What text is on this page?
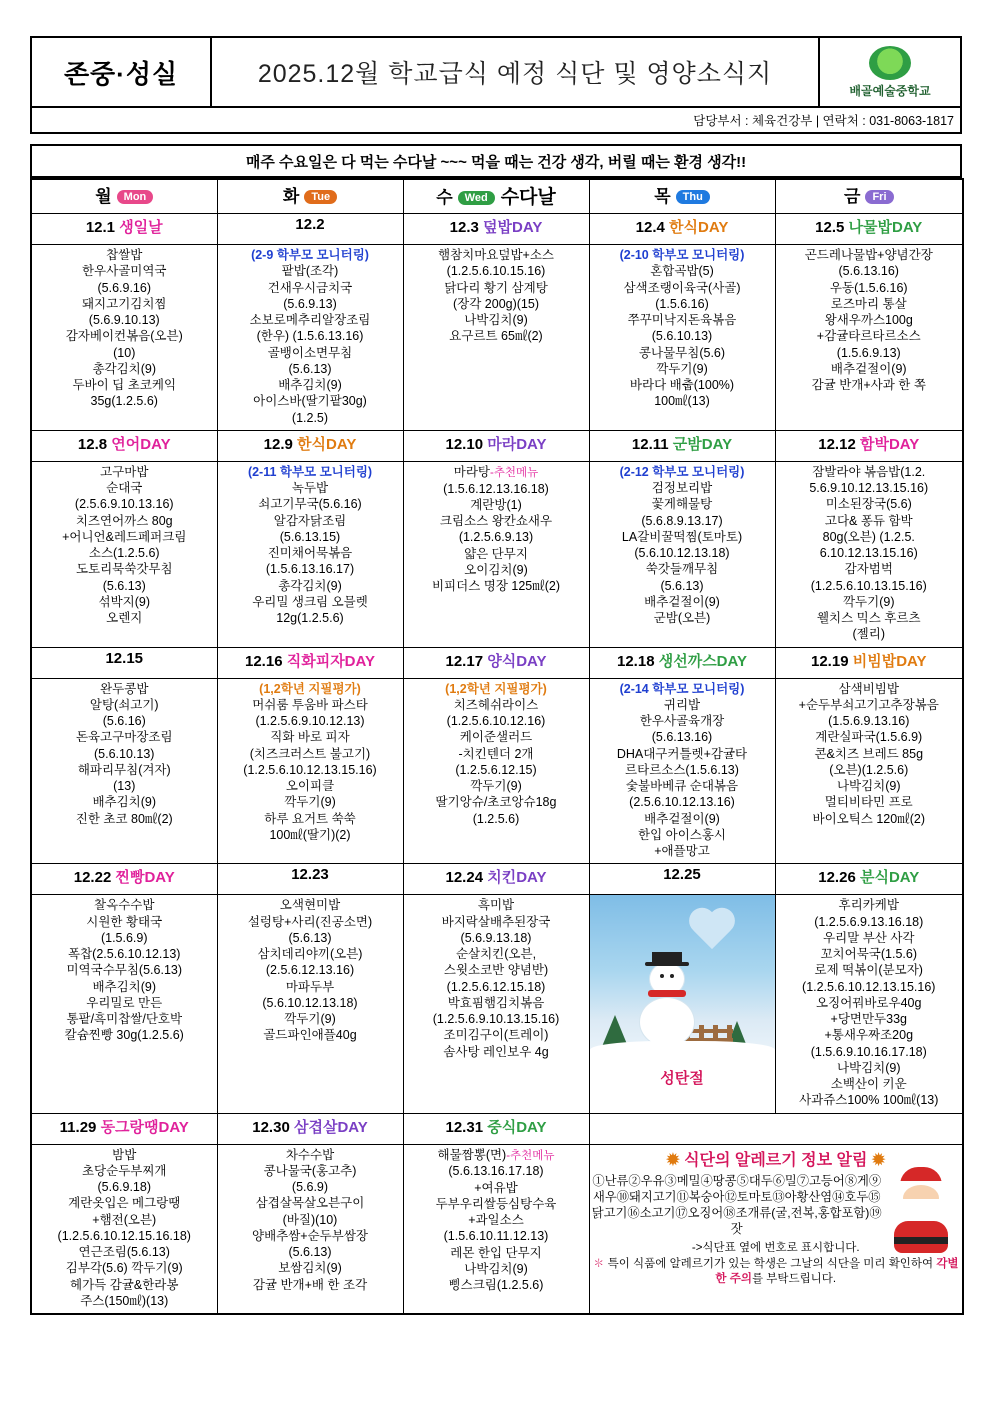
존중·성실	2025.12월 학교급식 예정 식단 및 영양소식지
배골예술중학교
담당부서 : 체육건강부 | 연락처 : 031-8063-1817
매주 수요일은 다 먹는 수다날 ~~~ 먹을 때는 건강 생각, 버릴 때는 환경 생각!!
월 Mon	화 Tue	수 Wed 수다날	목 Thu	금 Fri
12.1 생일날	12.2	12.3 덮밥DAY	12.4 한식DAY	12.5 나물밥DAY

찹쌀밥
한우사골미역국
(5.6.9.16)
돼지고기김치찜
(5.6.9.10.13)
감자베이컨볶음(오븐)
(10)
총각김치(9)
두바이 딥 초코케익
35g(1.2.5.6)

(2-9 학부모 모니터링)
팥밥(조각)
건새우시금치국
(5.6.9.13)
소보로메추리알장조림
(한우) (1.5.6.13.16)
골뱅이소면무침
(5.6.13)
배추김치(9)
아이스바(딸기팥30g)
(1.2.5)

햄참치마요덮밥+소스
(1.2.5.6.10.15.16)
닭다리 황기 삼계탕
(장각 200g)(15)
나박김치(9)
요구르트 65㎖(2)

(2-10 학부모 모니터링)
혼합곡밥(5)
삼색조랭이육국(사골)
(1.5.6.16)
쭈꾸미낙지돈육볶음
(5.6.10.13)
콩나물무침(5.6)
깍두기(9)
바라다 배춥(100%)
100㎖(13)

곤드레나물밥+양념간장
(5.6.13.16)
우동(1.5.6.16)
로즈마리 통살
왕새우까스100g
+감귤타르타르소스
(1.5.6.9.13)
배추겉절이(9)
감귤 반개+사과 한 쪽

12.8 연어DAY	12.9 한식DAY	12.10 마라DAY	12.11 군밤DAY	12.12 함박DAY

고구마밥
순대국
(2.5.6.9.10.13.16)
치즈연어까스 80g
+어니언&레드페퍼크림
소스(1.2.5.6)
도토리묵쑥갓무침
(5.6.13)
섞박지(9)
오렌지

(2-11 학부모 모니터링)
녹두밥
쇠고기무국(5.6.16)
알감자닭조림
(5.6.13.15)
진미채어묵볶음
(1.5.6.13.16.17)
총각김치(9)
우리밀 생크림 오믈렛
12g(1.2.5.6)

마라탕-추천메뉴
(1.5.6.12.13.16.18)
계란방(1)
크림소스 왕칸쇼새우
(1.2.5.6.9.13)
얇은 단무지
오이김치(9)
비피더스 명장 125㎖(2)

(2-12 학부모 모니터링)
검정보리밥
꽃게해물탕
(5.6.8.9.13.17)
LA갈비꿀떡찜(토마토)
(5.6.10.12.13.18)
쑥갓들깨무침
(5.6.13)
배추겉절이(9)
군밤(오븐)

잠발라야 볶음밥(1.2.
5.6.9.10.12.13.15.16)
미소된장국(5.6)
고다& 퐁듀 함박
80g(오븐) (1.2.5.
6.10.12.13.15.16)
감자범벅
(1.2.5.6.10.13.15.16)
깍두기(9)
웰치스 믹스 후르츠
(젤리)

12.15	12.16 직화피자DAY	12.17 양식DAY	12.18 생선까스DAY	12.19 비빔밥DAY

완두콩밥
알탕(쇠고기)
(5.6.16)
돈육고구마장조림
(5.6.10.13)
해파리무침(겨자)
(13)
배추김치(9)
진한 초코 80㎖(2)

(1,2학년 지필평가)
머쉬룸 투움바 파스타
(1.2.5.6.9.10.12.13)
직화 바로 피자
(치즈크러스트 불고기)
(1.2.5.6.10.12.13.15.16)
오이피클
깍두기(9)
하루 요거트 쑥쑥
100㎖(딸기)(2)

(1,2학년 지필평가)
치즈헤쉬라이스
(1.2.5.6.10.12.16)
케이준샐러드
-치킨텐더 2개
(1.2.5.6.12.15)
깍두기(9)
딸기앙슈/초코앙슈18g
(1.2.5.6)

(2-14 학부모 모니터링)
귀리밥
한우사골육개장
(5.6.13.16)
DHA대구커틀렛+감귤타
르타르소스(1.5.6.13)
숯불바베큐 순대볶음
(2.5.6.10.12.13.16)
배추겉절이(9)
한입 아이스홍시
+애플망고

삼색비빔밥
+순두부쇠고기고추장볶음
(1.5.6.9.13.16)
계란실파국(1.5.6.9)
콘&치즈 브레드 85g
(오븐)(1.2.5.6)
나박김치(9)
멀티비타민 프로
바이오틱스 120㎖(2)

12.22 찐빵DAY	12.23	12.24 치킨DAY	12.25	12.26 분식DAY

찰옥수수밥
시원한 황태국
(1.5.6.9)
폭찹(2.5.6.10.12.13)
미역국수무침(5.6.13)
배추김치(9)
우리밀로 만든
통팥/흑미찹쌀/단호박
칼슘찐빵 30g(1.2.5.6)

오색현미밥
설렁탕+사리(진공소면)
(5.6.13)
삼치데리야끼(오븐)
(2.5.6.12.13.16)
마파두부
(5.6.10.12.13.18)
깍두기(9)
골드파인애플40g

흑미밥
바지락살배추된장국
(5.6.9.13.18)
순살치킨(오븐,
스윗소코반 양념반)
(1.2.5.6.12.15.18)
박효핌햄김치볶음
(1.2.5.6.9.10.13.15.16)
조미김구이(트레이)
솜사탕 레인보우 4g

성탄절

후리카케밥
(1.2.5.6.9.13.16.18)
우리말 부산 사각
꼬치어묵국(1.5.6)
로제 떡볶이(분모자)
(1.2.5.6.10.12.13.15.16)
오징어꿔바로우40g
+당면만두33g
+통새우짜조20g
(1.5.6.9.10.16.17.18)
나박김치(9)
소백산이 키운
사과쥬스100% 100㎖(13)

11.29 동그랑땡DAY	12.30 삼겹살DAY	12.31 중식DAY		

밤밥
초당순두부찌개
(5.6.9.18)
계란옷입은 메그랑땡
+햄전(오븐)
(1.2.5.6.10.12.15.16.18)
연근조림(5.6.13)
김부각(5.6) 깍두기(9)
헤가득 감귤&한라봉
주스(150㎖)(13)

차수수밥
콩나물국(홍고추)
(5.6.9)
삼겹살목살오븐구이
(바질)(10)
양배추쌈+순두부쌈장
(5.6.13)
보쌈김치(9)
감귤 반개+배 한 조각

해물짬뽕(면)-추천메뉴
(5.6.13.16.17.18)
+여유밥
두부우리쌀등심탕수육
+과일소스
(1.5.6.10.11.12.13)
레몬 한입 단무지
나박김치(9)
삥스크림(1.2.5.6)

✹ 식단의 알레르기 정보 알림 ✹
①난류②우유③메밀④땅콩⑤대두⑥밀⑦고등어⑧게⑨새우⑩돼지고기⑪복숭아⑫토마토⑬아황산염⑭호두⑮닭고기⑯소고기⑰오징어⑱조개류(굴,전복,홍합포함)⑲잣
->식단표 옆에 번호로 표시합니다.
✽ 특이 식품에 알레르기가 있는 학생은 그날의 식단을 미리 확인하여 각별한 주의를 부탁드립니다.
